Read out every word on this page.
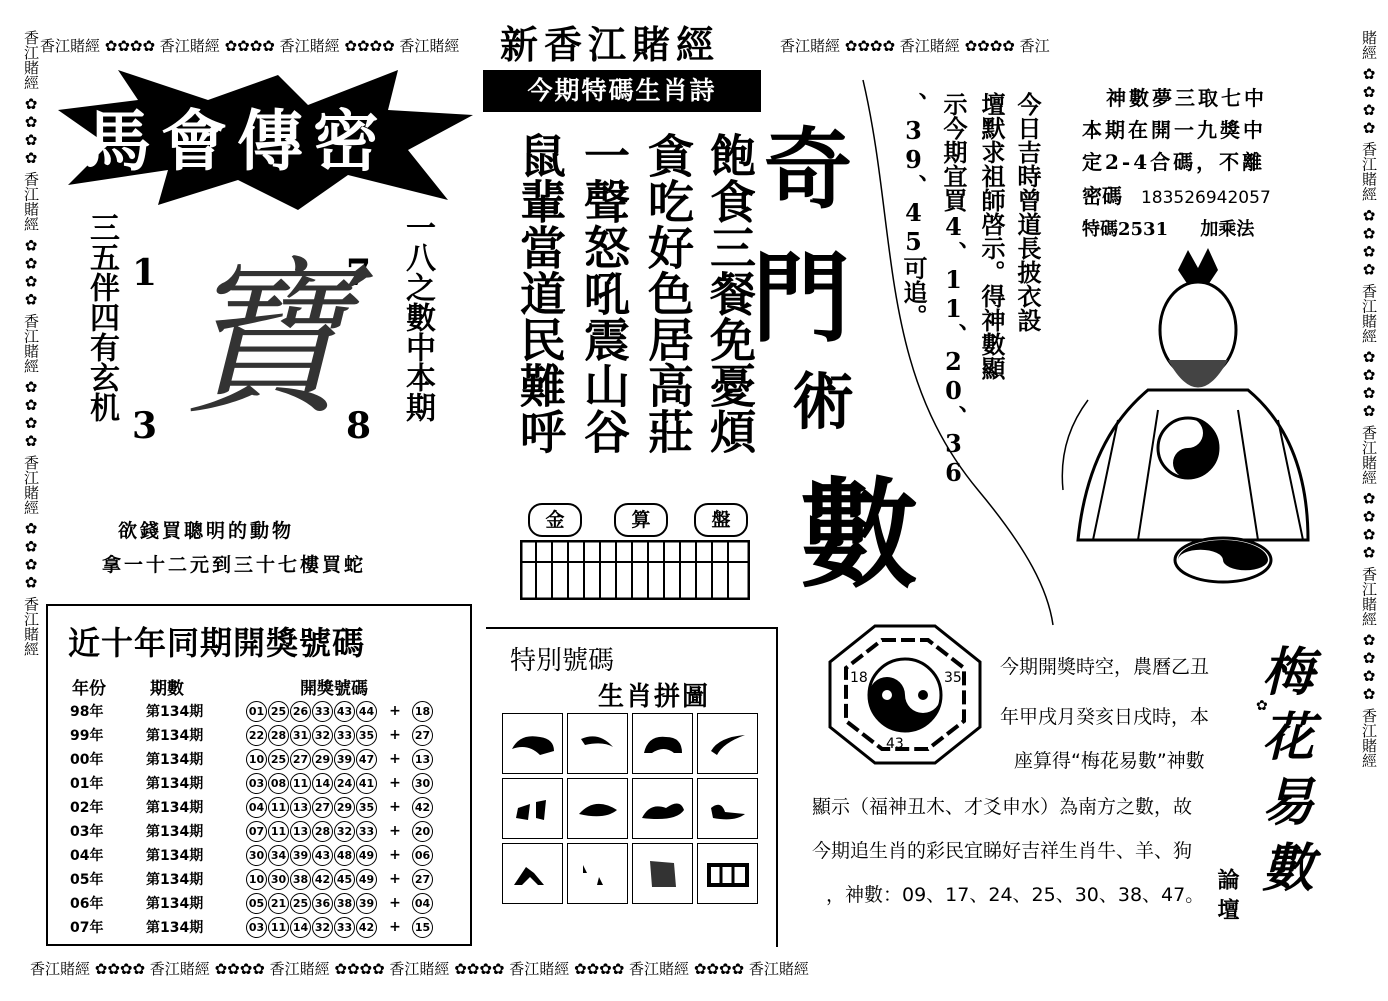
香江賭經 ✿✿✿✿ 香江賭經 ✿✿✿✿ 香江賭經 ✿✿✿✿ 香江賭經	香江賭經 ✿✿✿✿ 香江賭經 ✿✿✿✿ 香江
香江賭經 ✿✿✿✿ 香江賭經 ✿✿✿✿ 香江賭經 ✿✿✿✿ 香江賭經 ✿✿✿✿ 香江賭經 ✿✿✿✿ 香江賭經 ✿✿✿✿ 香江賭經
香江賭經 ✿✿✿✿ 香江賭經 ✿✿✿✿ 香江賭經 ✿✿✿✿ 香江賭經 ✿✿✿✿ 香江賭經	賭經 ✿✿✿✿ 香江賭經 ✿✿✿✿ 香江賭經 ✿✿✿✿ 香江賭經 ✿✿✿✿ 香江賭經 ✿✿✿✿ 香江賭經
新香江賭經
馬會傳密
三五伴四有玄机	一八之數中本期
1
3
7
8
寶
欲錢買聰明的動物
拿一十二元到三十七樓買蛇
今期特碼生肖詩
飽食三餐免憂煩
貪吃好色居高莊
一聲怒吼震山谷
鼠輩當道民難呼 奇
門
術
數
金	算	盤
今日吉時曾道長披衣設
壇默求祖師啓示。得神數顯
示今期宜買4、11、20、36
、39、45可追。	神數夢三取七中
本期在開一九獎中
定2-4合碼，不離
密碼 183526942057
特碼2531 加乘法
近十年同期開獎號碼
年份	期數	開獎號碼
98年	第134期	01 25 26 33 43 44	+	18
99年	第134期	22 28 31 32 33 35	+	27
00年	第134期	10 25 27 29 39 47	+	13
01年	第134期	03 08 11 14 24 41	+	30
02年	第134期	04 11 13 27 29 35	+	42
03年	第134期	07 11 13 28 32 33	+	20
04年	第134期	30 34 39 43 48 49	+	06
05年	第134期	10 30 38 42 45 49	+	27
06年	第134期	05 21 25 36 38 39	+	04
07年	第134期	03 11 14 32 33 42	+	15
特別號碼
生肖拼圖
18	35
43
今期開獎時空，農曆乙丑
年甲戌月癸亥日戌時，本
座算得“梅花易數”神數
顯示（福神丑木、才爻申水）為南方之數，故
今期追生肖的彩民宜睇好吉祥生肖牛、羊、狗
，神數：09、17、24、25、30、38、47。 論壇
梅
花
易
數
✿
